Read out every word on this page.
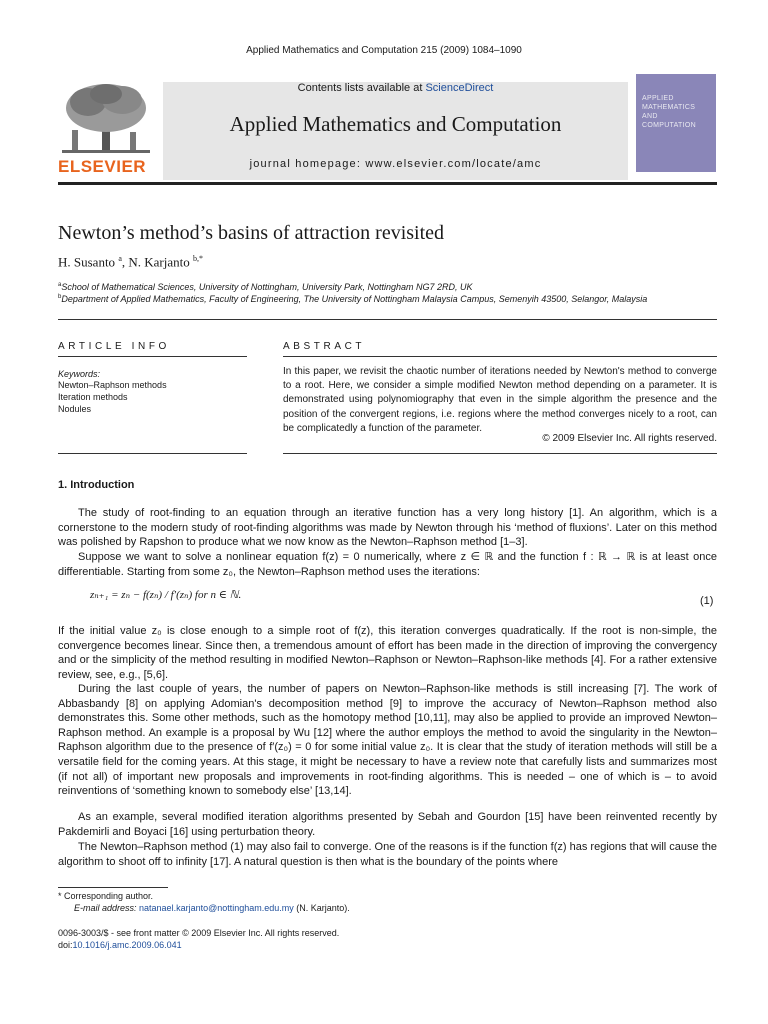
Applied Mathematics and Computation 215 (2009) 1084–1090
ELSEVIER
Contents lists available at ScienceDirect
Applied Mathematics and Computation
journal homepage: www.elsevier.com/locate/amc
APPLIED MATHEMATICS AND COMPUTATION
Newton’s method’s basins of attraction revisited
H. Susanto $^a$, N. Karjanto $^{b,*}$
$^a$School of Mathematical Sciences, University of Nottingham, University Park, Nottingham NG7 2RD, UK
$^b$Department of Applied Mathematics, Faculty of Engineering, The University of Nottingham Malaysia Campus, Semenyih 43500, Selangor, Malaysia
ARTICLE INFO	ABSTRACT
Keywords:
Newton–Raphson methods
Iteration methods
Nodules
In this paper, we revisit the chaotic number of iterations needed by Newton's method to converge to a root. Here, we consider a simple modified Newton method depending on a parameter. It is demonstrated using polynomiography that even in the simple algorithm the presence and the position of the convergent regions, i.e. regions where the method converges nicely to a root, can be complicatedly a function of the parameter.
© 2009 Elsevier Inc. All rights reserved.
1. Introduction
The study of root-finding to an equation through an iterative function has a very long history [1]. An algorithm, which is a cornerstone to the modern study of root-finding algorithms was made by Newton through his ‘method of fluxions’. Later on this method was polished by Rapshon to produce what we now know as the Newton–Raphson method [1–3].
Suppose we want to solve a nonlinear equation f(z) = 0 numerically, where z ∈ ℝ and the function f : ℝ → ℝ is at least once differentiable. Starting from some z₀, the Newton–Raphson method uses the iterations:
zₙ₊₁ = zₙ − f(zₙ) / f′(zₙ) for n ∈ ℕ.	(1)
If the initial value z₀ is close enough to a simple root of f(z), this iteration converges quadratically. If the root is non-simple, the convergence becomes linear. Since then, a tremendous amount of effort has been made in the direction of improving the convergency and or the simplicity of the method resulting in modified Newton–Raphson or Newton–Raphson-like methods [4]. For a rather extensive review, see, e.g., [5,6].
During the last couple of years, the number of papers on Newton–Raphson-like methods is still increasing [7]. The work of Abbasbandy [8] on applying Adomian's decomposition method [9] to improve the accuracy of Newton–Raphson method also demonstrates this. Some other methods, such as the homotopy method [10,11], may also be applied to provide an improved Newton–Raphson method. An example is a proposal by Wu [12] where the author employs the method to avoid the singularity in the Newton–Raphson algorithm due to the presence of f′(z₀) = 0 for some initial value z₀. It is clear that the study of iteration methods will still be a versatile field for the coming years. At this stage, it might be necessary to have a review note that carefully lists and summarizes most (if not all) of important new proposals and improvements in root-finding algorithms. This is needed – one of which is – to avoid reinventions of ‘something known to somebody else’ [13,14].
As an example, several modified iteration algorithms presented by Sebah and Gourdon [15] have been reinvented recently by Pakdemirli and Boyaci [16] using perturbation theory.
The Newton–Raphson method (1) may also fail to converge. One of the reasons is if the function f(z) has regions that will cause the algorithm to shoot off to infinity [17]. A natural question is then what is the boundary of the points where
* Corresponding author.
E-mail address: natanael.karjanto@nottingham.edu.my (N. Karjanto).
0096-3003/$ - see front matter © 2009 Elsevier Inc. All rights reserved.
doi:10.1016/j.amc.2009.06.041
